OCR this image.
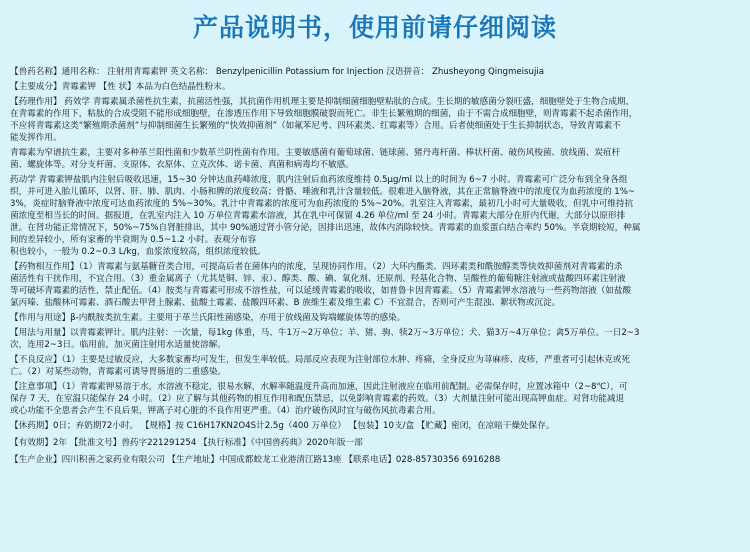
产品说明书，使用前请仔细阅读
【兽药名称】通用名称： 注射用青霉素钾 英文名称： Benzylpenicillin Potassium for Injection 汉语拼音： Zhusheyong Qingmeisujia
【主要成分】青霉素钾 【性 状】本品为白色结晶性粉末。
【药理作用】 药效学 青霉素属杀菌性抗生素，抗菌活性强，其抗菌作用机理主要是抑制细菌细胞壁粘肽的合成。生长期的敏感菌分裂旺盛，细胞壁处于生物合成期，
在青霉素的作用下，粘肽的合成受阻不能形成细胞壁，在渗透压作用下导致细胞膜破裂而死亡。非生长繁殖期的细菌，由于不需合成细胞壁，则青霉素不起杀菌作用，
不应将青霉素这类“繁殖期杀菌剂”与抑制细菌生长繁殖的“快效抑菌剂”（如氟苯尼考、四环素类、红霉素等）合用。后者使细菌处于生长抑制状态，导致青霉素不
能发挥作用。
青霉素为窄谱抗生素，主要对多种革兰阳性菌和少数革兰阴性菌有作用。主要敏感菌有葡萄球菌、链球菌、猪丹毒杆菌、棒状杆菌、破伤风梭菌、放线菌、炭疽杆
菌、螺旋体等。对分支杆菌、支原体、衣原体、立克次体、诺卡菌、真菌和病毒均不敏感。
药动学 青霉素钾盐肌内注射后吸收迅速，15~30 分钟达血药峰浓度，肌内注射后血药浓度维持 0.5μg/ml 以上的时间为 6~7 小时。青霉素可广泛分布到全身各组
织，并可进入胎儿循环，以肾、肝、肺、肌肉、小肠和脾的浓度较高；骨骼、唾液和乳汁含量较低。很难进入脑脊液，其在正常脑脊液中的浓度仅为血药浓度的 1%~
3%，炎症时脑脊液中浓度可达血药浓度的 5%~30%。乳汁中青霉素的浓度可为血药浓度的 5%~20%。乳室注入青霉素，最初几小时可大量吸收，但乳中可维持抗
菌浓度至相当长的时间。据报道，在乳室内注入 10 万单位青霉素水溶液，其在乳中可保留 4.26 单位/ml 至 24 小时。青霉素大部分在肝内代谢，大部分以原形排
泄。在肾功能正常情况下，50%~75%自肾脏排出，其中 90%通过肾小管分泌，因排出迅速，故体内消除较快。青霉素的血浆蛋白结合率约 50%。半衰期较短，种属
间的差异较小，所有家畜的半衰期为 0.5~1.2 小时。表观分布容
积也较小，一般为 0.2~0.3 L/kg，血浆浓度较高，组织浓度较低。
【药物相互作用】（1）青霉素与氨基糖苷类合用，可提高后者在菌体内的浓度，呈现协同作用。（2）大环内酯类、四环素类和酰胺醇类等快效抑菌剂对青霉素的杀
菌活性有干扰作用，不宜合用。（3）重金属离子（尤其是铜、锌、汞）、醇类、酸、碘、氧化剂、还原剂、羟基化合物、呈酸性的葡萄糖注射液或盐酸四环素注射液
等可破坏青霉素的活性，禁止配伍。（4）胺类与青霉素可形成不溶性盐，可以延缓青霉素的吸收，如普鲁卡因青霉素。（5）青霉素钾水溶液与一些药物溶液（如盐酸
氯丙嗪、盐酸林可霉素、酒石酸去甲肾上腺素、盐酸土霉素、盐酸四环素、B 族维生素及维生素 C）不宜混合，否则可产生混浊、絮状物或沉淀。
【作用与用途】β-内酰胺类抗生素。主要用于革兰氏阳性菌感染，亦用于放线菌及钩端螺旋体等的感染。
【用法与用量】以青霉素钾计。肌内注射：一次量，每1kg 体重，马、牛1万~2万单位；羊、猪、驹、犊2万~3万单位；犬、猫3万~4万单位；禽5万单位。一日2~3
次，连用2~3日。临用前，加灭菌注射用水适量使溶解。
【不良反应】（1）主要是过敏反应，大多数家畜均可发生，但发生率较低。局部反应表现为注射部位水肿、疼痛，全身反应为荨麻疹、皮疹，严重者可引起休克或死
亡。（2）对某些动物，青霉素可诱导胃肠道的二重感染。
【注意事项】（1）青霉素钾易溶于水，水溶液不稳定，很易水解，水解率随温度升高而加速，因此注射液应在临用前配制。必需保存时，应置冰箱中（2~8℃），可
保存 7 天，在室温只能保存 24 小时。（2）应了解与其他药物的相互作用和配伍禁忌，以免影响青霉素的药效。（3）大剂量注射可能出现高钾血症。对肾功能减退
或心功能不全患者会产生不良后果，钾离子对心脏的不良作用更严重。（4）治疗破伤风时宜与破伤风抗毒素合用。
【休药期】0日；弃奶期72小时。 【规格】按 C16H17KN2O4S计2.5g（400 万单位） 【包装】10支/盒 【贮藏】密闭，在凉暗干燥处保存。
【有效期】2年 【批准文号】兽药字221291254 【执行标准】《中国兽药典》2020年版一部
【生产企业】四川积善之家药业有限公司 【生产地址】中国成都蛟龙工业港清江路13座 【联系电话】028-85730356 6916288
